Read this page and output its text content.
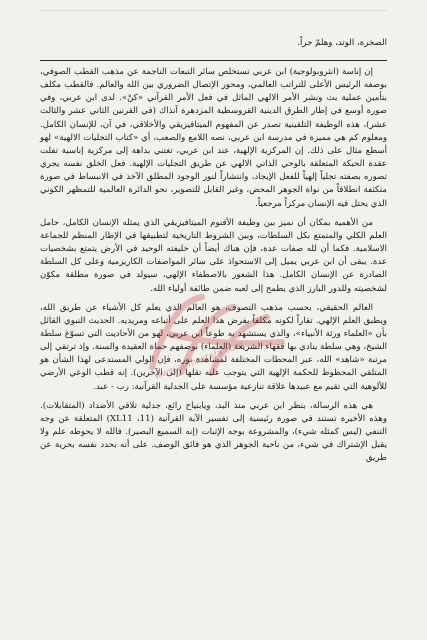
الصخرة، الوتد، وهلمّ جراً.

إن إناسة (انثروبولوجية) ابن عربي تستخلص سائر التبعات الناجمة عن مذهب القطب الصوفي، بوصفه الرئيس الأعلى للتراتب العالمي، ومحور الإتصال الضروري بين الله والعالم. فالقطب مكلف بتأمين عملية بث ونشر الأمر الالهي الماثل في فعل الأمر القرآني «كنْ». لدى ابن عربي، وفي صورة أوسع في إطار الطرق الدينية القروسطية المزدهرة آنذاك (في القرنين الثاني عشر والثالث عشر)، هذه الوظيفة التلقينية تصدر عن المفهوم الميتافيزيقي والأخلاقي، في آن، للإنسان الكامل. ومعلوم كم هي مميزة في مدرسة ابن عربي، نصه اللامع والصعب، أي «كتاب التجليات الالهية» لهو أسطع مثال على ذلك. إن المركزية الإلهية، عند ابن عربي، تغتني بداهة إلى مركزية إناسية تفلت عقدة الحبكة المتعلقة بالوحي الذاتي الالهي عن طريق التجليات الإلهية. فعل الخلق نفسه يجري تصوره بصفته تجلياً إلهياً للفعل الإيجاد، وانتشاراً لنور الوجود المطلق الآخذ في الانبساط في صورة متكثفة انطلاقاً من نواة الجوهر المحض، وغير القابل للتصوير، نحو الدائرة العالمية للتمظهر الكوني الذي يحتل فيه الإنسان مركزاً مرجعياً.

من الأهمية بمكان أن نميز بين وظيفة الأقنوم الميتافيزيقي الذي يمثله الإنسان الكامل، حامل العلم الكلي والمتمتع بكل السلطات، وبين الشروط التاريخية لتطبيقها في الإطار المنظم للجماعة الاسلامية. فكما أن لله صفات عدة، فإن هناك أيضاً أن خليفته الوحيد في الأرض يتمتع بشخصيات عدة. يبقى أن ابن عربي يميل إلى الاستحواذ على سائر المواصفات الكاريزمية وعلى كل السلطة الصادرة عن الإنسان الكامل. هذا الشعور بالاصطفاء الإلهي، سيولد في صورة مطلقة مكوّن لشخصيته وللدور البارز الذي يطمح إلى لعبه ضمن طائفة أولياء الله.

العالم الحقيقي، بحسب مذهب التصوف، هو العالم الذي يعلم كل الأشياء عن طريق الله، ويطبق العلم الإلهي. تقاراً لكونه مكلفاً بفرض هذا العلم على أتباعه ومريديه. الحديث النبوي القائل بأن «العلماء ورثة الأنبياء»، والذي يستشهد به طوعاً ابن عربي، لهو من الأحاديث التي تسوّغ سلطة الشيخ، وهي سلطة ينادي بها فقهاء الشريعة (العلماء) بوصفهم حماة العقيدة والسنة. وإذ ترتقي إلى مرتبة «شاهد» الله، عبر المحطات المختلفة لمشاهدة نوره، فإن الولي المستدعى لهذا الشأن هو المتلقي المحظوظ للحكمة الإلهية التي يتوجب عليه نقلها (إلى الآخرين). إنه قطب الوعي الأرضي للألوهية التي تقيم مع عبيدها علاقة تنازعية مؤسسة على الجدلية القرآنية: رب - عبد.

هي هذه الرسالة، بنظر ابن عربي منذ البد، ويابنياح رائع، جدلية تلاقي الأضداد (المتقابلات). وهذه الأخيرة تستند في صورة رئيسية إلى تفسير الآية القرآنية (11، XL11) المتعلقة عن وجه التنفي (ليس كمثله شيء)، والمشروعة بوجه الإثبات (إنه السميع البصير). فالله لا يحوطه علم ولا يقبل الإشتراك في شيء، من ناحية الجوهر الذي هو فائق الوصف. على أنه بحدد نفسه بحرية عن طريق

www.al-mostafa.com
